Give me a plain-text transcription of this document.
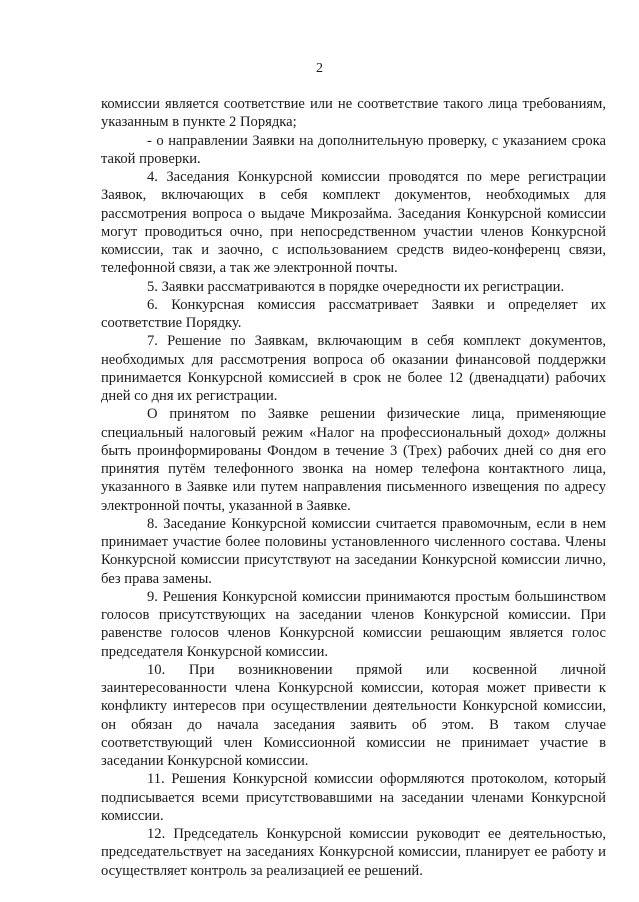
2

комиссии является соответствие или не соответствие такого лица требованиям, указанным в пункте 2 Порядка;

- о направлении Заявки на дополнительную проверку, с указанием срока такой проверки.

4. Заседания Конкурсной комиссии проводятся по мере регистрации Заявок, включающих в себя комплект документов, необходимых для рассмотрения вопроса о выдаче Микрозайма. Заседания Конкурсной комиссии могут проводиться очно, при непосредственном участии членов Конкурсной комиссии, так и заочно, с использованием средств видео-конференц связи, телефонной связи, а так же электронной почты.

5. Заявки рассматриваются в порядке очередности их регистрации.

6. Конкурсная комиссия рассматривает Заявки и определяет их соответствие Порядку.

7. Решение по Заявкам, включающим в себя комплект документов, необходимых для рассмотрения вопроса об оказании финансовой поддержки принимается Конкурсной комиссией в срок не более 12 (двенадцати) рабочих дней со дня их регистрации.

О принятом по Заявке решении физические лица, применяющие специальный налоговый режим «Налог на профессиональный доход» должны быть проинформированы Фондом в течение 3 (Трех) рабочих дней со дня его принятия путём телефонного звонка на номер телефона контактного лица, указанного в Заявке или путем направления письменного извещения по адресу электронной почты, указанной в Заявке.

8. Заседание Конкурсной комиссии считается правомочным, если в нем принимает участие более половины установленного численного состава. Члены Конкурсной комиссии присутствуют на заседании Конкурсной комиссии лично, без права замены.

9. Решения Конкурсной комиссии принимаются простым большинством голосов присутствующих на заседании членов Конкурсной комиссии. При равенстве голосов членов Конкурсной комиссии решающим является голос председателя Конкурсной комиссии.

10. При возникновении прямой или косвенной личной заинтересованности члена Конкурсной комиссии, которая может привести к конфликту интересов при осуществлении деятельности Конкурсной комиссии, он обязан до начала заседания заявить об этом. В таком случае соответствующий член Комиссионной комиссии не принимает участие в заседании Конкурсной комиссии.

11. Решения Конкурсной комиссии оформляются протоколом, который подписывается всеми присутствовавшими на заседании членами Конкурсной комиссии.

12. Председатель Конкурсной комиссии руководит ее деятельностью, председательствует на заседаниях Конкурсной комиссии, планирует ее работу и осуществляет контроль за реализацией ее решений.
